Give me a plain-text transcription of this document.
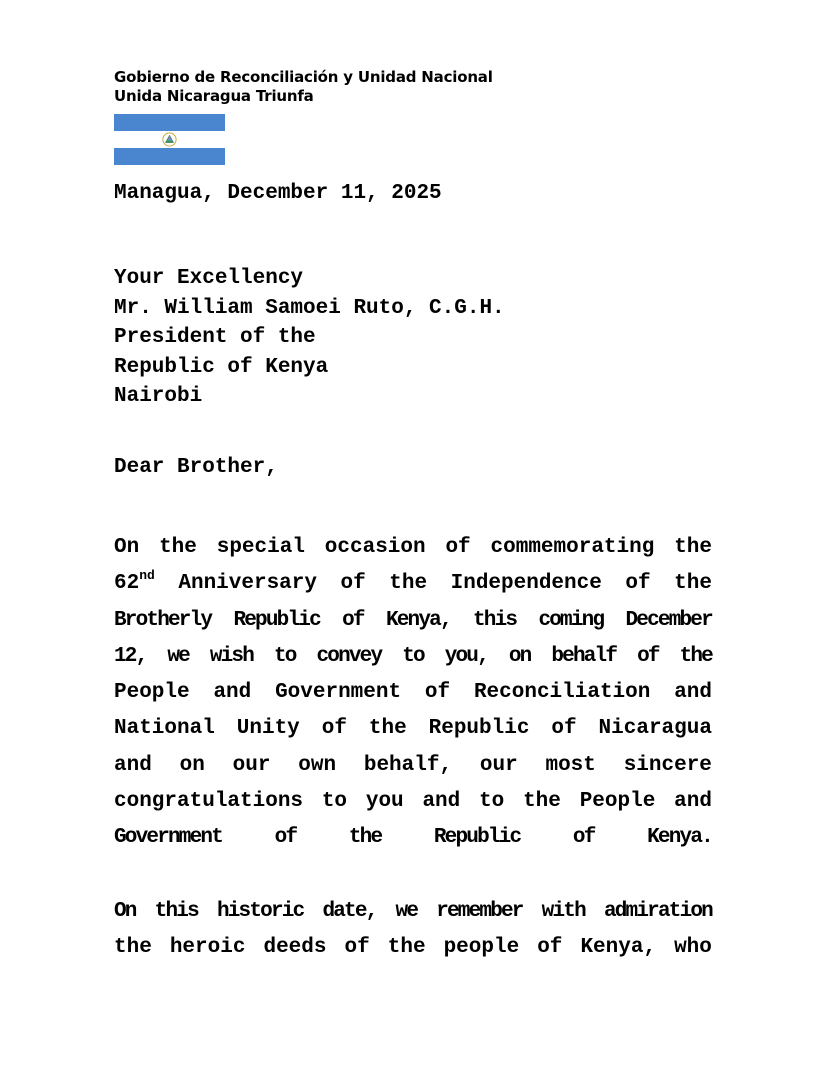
Gobierno de Reconciliación y Unidad Nacional
Unida Nicaragua Triunfa
Managua, December 11, 2025
Your Excellency
Mr. William Samoei Ruto, C.G.H.
President of the
Republic of Kenya
Nairobi
Dear Brother,
On the special occasion of commemorating the
62nd Anniversary of the Independence of the
Brotherly Republic of Kenya, this coming December
12, we wish to convey to you, on behalf of the
People and Government of Reconciliation and
National Unity of the Republic of Nicaragua
and on our own behalf, our most sincere
congratulations to you and to the People and
Government	of	the	Republic	of	Kenya.
On this historic date, we remember with admiration
the heroic deeds of the people of Kenya, who
